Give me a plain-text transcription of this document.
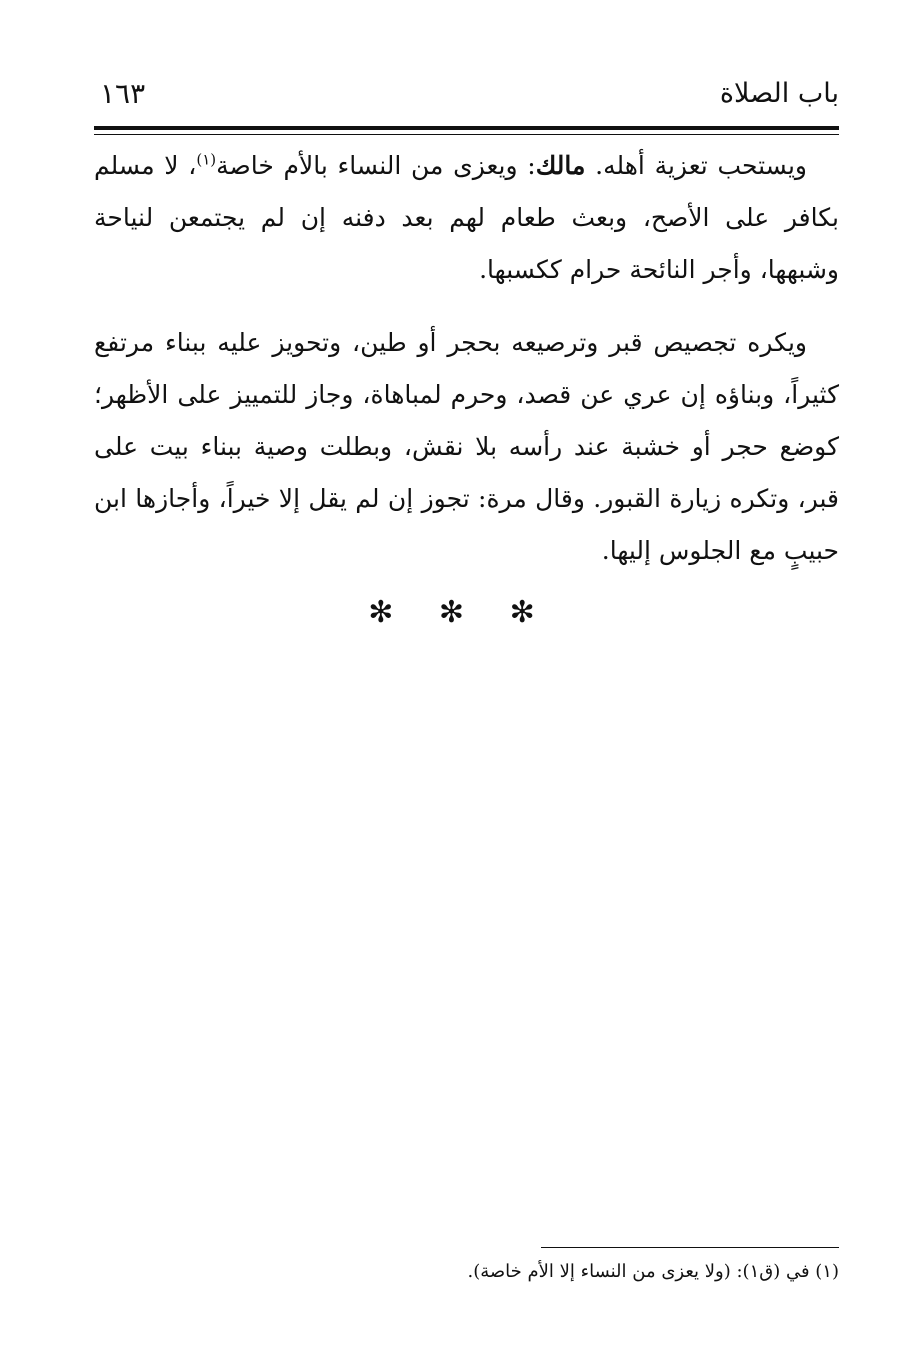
باب الصلاة
١٦٣

ويستحب تعزية أهله. مالك: ويعزى من النساء بالأم خاصة$^{(١)}$، لا مسلم بكافر على الأصح، وبعث طعام لهم بعد دفنه إن لم يجتمعن لنياحة وشبهها، وأجر النائحة حرام ككسبها.

ويكره تجصيص قبر وترصيعه بحجر أو طين، وتحويز عليه ببناء مرتفع كثيراً، وبناؤه إن عري عن قصد، وحرم لمباهاة، وجاز للتمييز على الأظهر؛ كوضع حجر أو خشبة عند رأسه بلا نقش، وبطلت وصية ببناء بيت على قبر، وتكره زيارة القبور. وقال مرة: تجوز إن لم يقل إلا خيراً، وأجازها ابن حبيبٍ مع الجلوس إليها.

✻ ✻ ✻
(١) في (ق١): (ولا يعزى من النساء إلا الأم خاصة).
